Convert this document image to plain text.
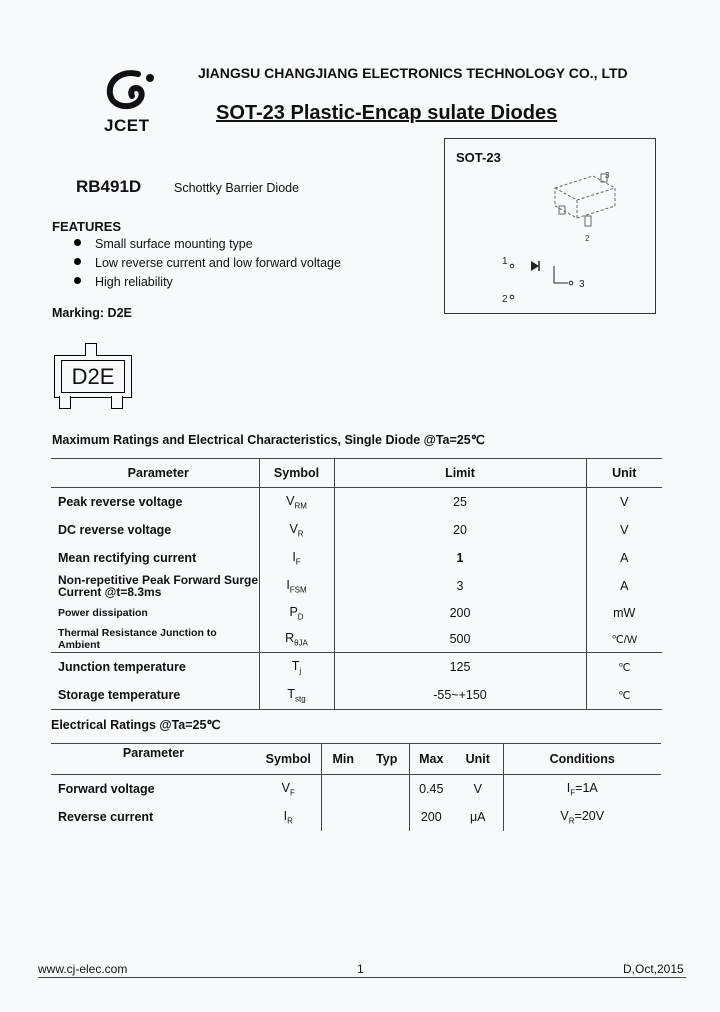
JCET
JIANGSU CHANGJIANG ELECTRONICS TECHNOLOGY CO., LTD
SOT-23 Plastic-Encap sulate Diodes
RB491D	Schottky Barrier Diode
SOT-23
3
2
1
3
2
FEATURES
Small surface mounting type
Low reverse current and low forward voltage
High reliability
Marking: D2E
D2E
Maximum Ratings and Electrical Characteristics, Single Diode @Ta=25℃
Parameter	Symbol	Limit	Unit
Peak reverse voltage	$V_{RM}$	25	V
DC reverse voltage	$V_R$	20	V
Mean rectifying current	$I_F$	1	A
Non-repetitive Peak Forward Surge Current @t=8.3ms	$I_{FSM}$	3	A
Power dissipation	$P_D$	200	mW
Thermal Resistance Junction to Ambient	$R_{\theta JA}$	500	℃/W
Junction temperature	$T_j$	125	℃
Storage temperature	$T_{stg}$	-55~+150	℃
Electrical Ratings @Ta=25℃
Parameter	Symbol	Min	Typ	Max	Unit	Conditions
Forward voltage	$V_F$			0.45	V	$I_F=1A$
Reverse current	$I_R$			200	μA	$V_R=20V$
www.cj-elec.com	1	D,Oct,2015
